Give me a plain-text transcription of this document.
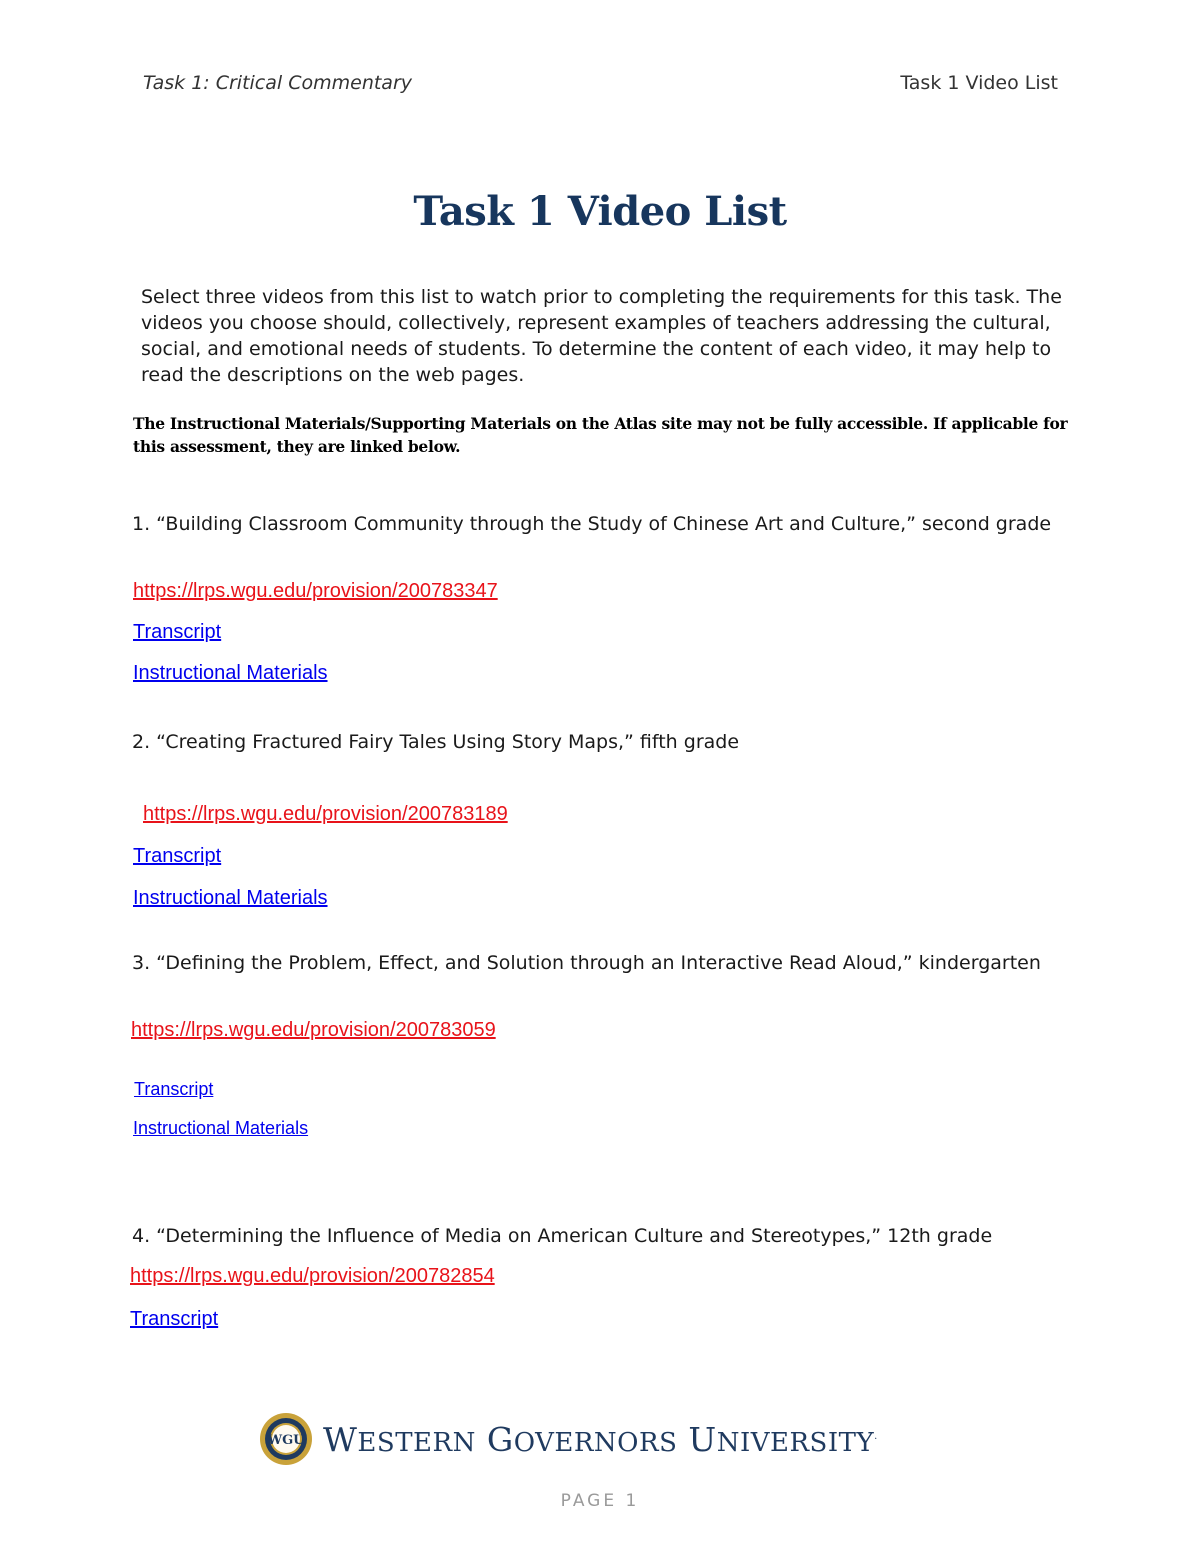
Task 1: Critical Commentary	Task 1 Video List
Task 1 Video List
Select three videos from this list to watch prior to completing the requirements for this task. The videos you choose should, collectively, represent examples of teachers addressing the cultural, social, and emotional needs of students. To determine the content of each video, it may help to read the descriptions on the web pages.
The Instructional Materials/Supporting Materials on the Atlas site may not be fully accessible. If applicable for this assessment, they are linked below.
1. “Building Classroom Community through the Study of Chinese Art and Culture,” second grade
https://lrps.wgu.edu/provision/200783347
Transcript
Instructional Materials
2. “Creating Fractured Fairy Tales Using Story Maps,” fifth grade
https://lrps.wgu.edu/provision/200783189
Transcript
Instructional Materials
3. “Defining the Problem, Effect, and Solution through an Interactive Read Aloud,” kindergarten
https://lrps.wgu.edu/provision/200783059
Transcript
Instructional Materials
4. “Determining the Influence of Media on American Culture and Stereotypes,” 12th grade
https://lrps.wgu.edu/provision/200782854
Transcript
WGU WESTERN GOVERNORS UNIVERSITY.
PAGE 1
